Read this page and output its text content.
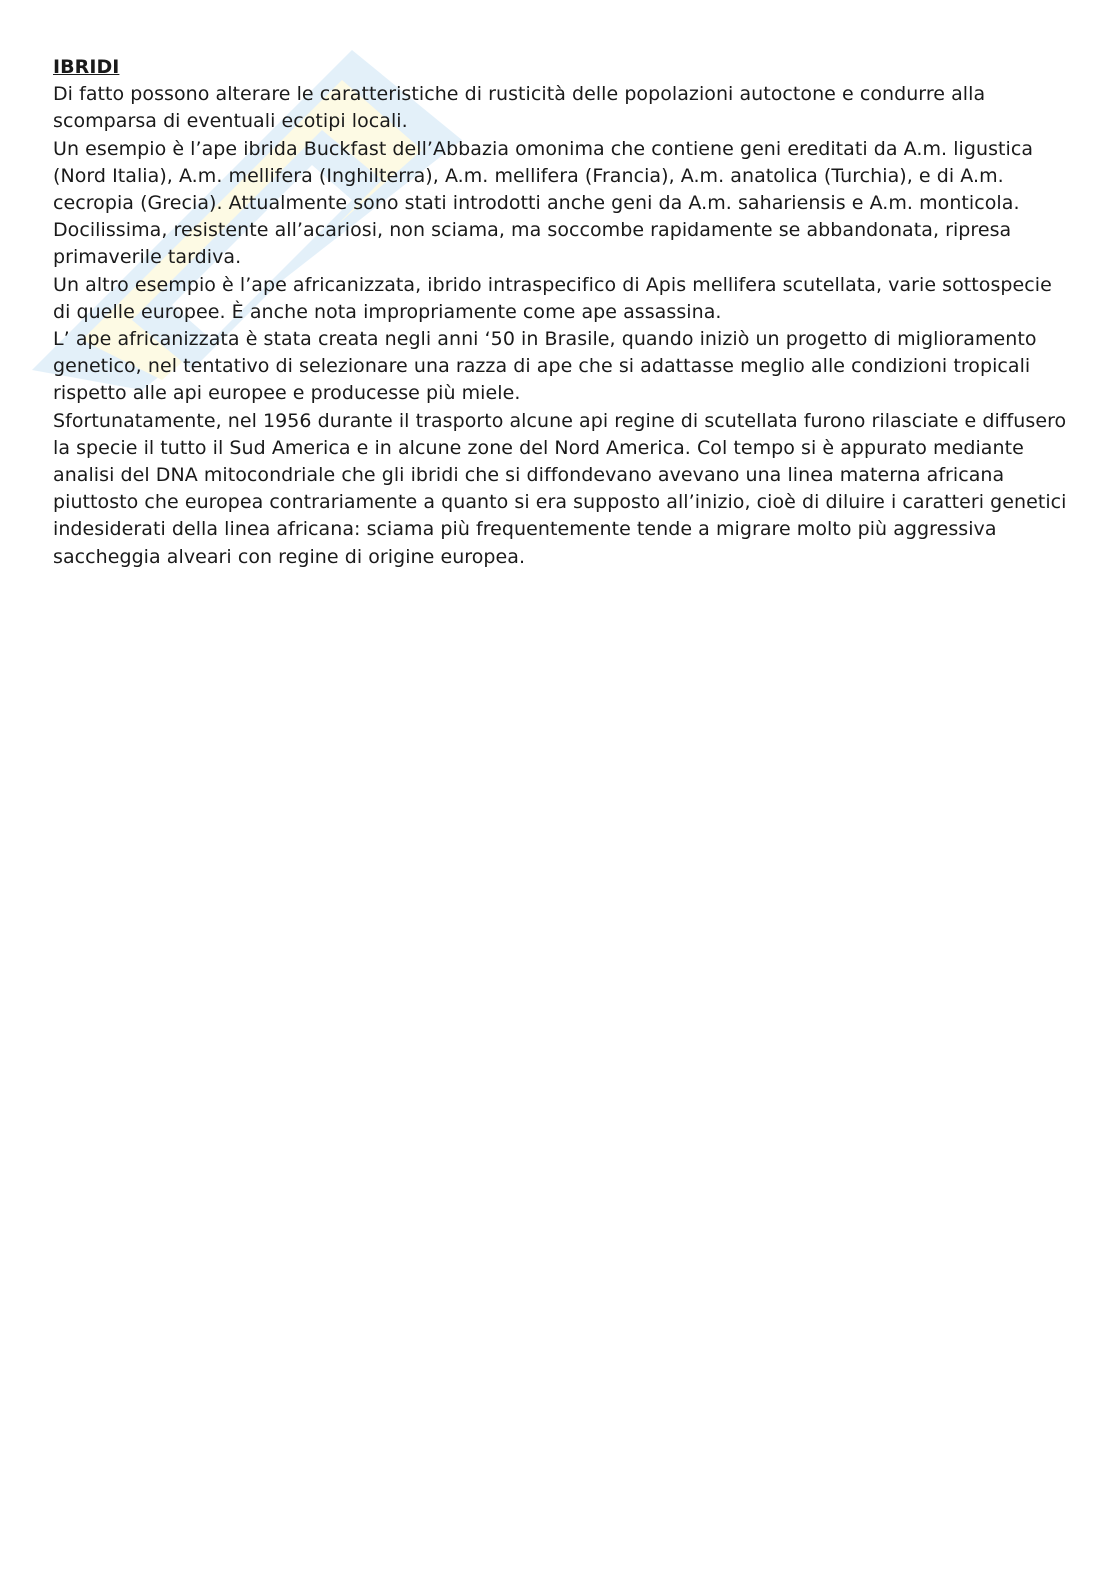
IBRIDI

Di fatto possono alterare le caratteristiche di rusticità delle popolazioni autoctone e condurre alla scomparsa di eventuali ecotipi locali.

Un esempio è l’ape ibrida Buckfast dell’Abbazia omonima che contiene geni ereditati da A.m. ligustica (Nord Italia), A.m. mellifera (Inghilterra), A.m. mellifera (Francia), A.m. anatolica (Turchia), e di A.m. cecropia (Grecia). Attualmente sono stati introdotti anche geni da A.m. sahariensis e A.m. monticola. Docilissima, resistente all’acariosi, non sciama, ma soccombe rapidamente se abbandonata, ripresa primaverile tardiva.

Un altro esempio è l’ape africanizzata, ibrido intraspecifico di Apis mellifera scutellata, varie sottospecie di quelle europee. È anche nota impropriamente come ape assassina.

L’ ape africanizzata è stata creata negli anni ‘50 in Brasile, quando iniziò un progetto di miglioramento genetico, nel tentativo di selezionare una razza di ape che si adattasse meglio alle condizioni tropicali rispetto alle api europee e producesse più miele.

Sfortunatamente, nel 1956 durante il trasporto alcune api regine di scutellata furono rilasciate e diffusero la specie il tutto il Sud America e in alcune zone del Nord America. Col tempo si è appurato mediante analisi del DNA mitocondriale che gli ibridi che si diffondevano avevano una linea materna africana piuttosto che europea contrariamente a quanto si era supposto all’inizio, cioè di diluire i caratteri genetici indesiderati della linea africana: sciama più frequentemente tende a migrare molto più aggressiva saccheggia alveari con regine di origine europea.
